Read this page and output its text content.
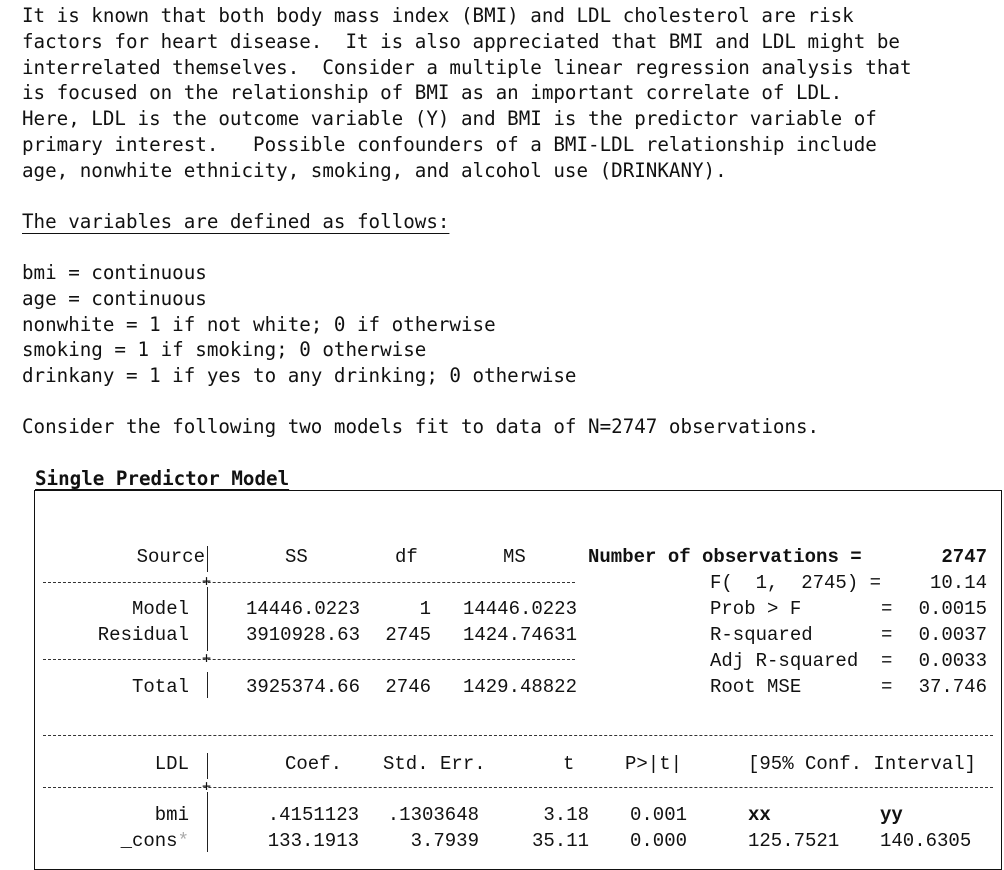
It is known that both body mass index (BMI) and LDL cholesterol are risk
factors for heart disease.  It is also appreciated that BMI and LDL might be
interrelated themselves.  Consider a multiple linear regression analysis that
is focused on the relationship of BMI as an important correlate of LDL.
Here, LDL is the outcome variable (Y) and BMI is the predictor variable of
primary interest.   Possible confounders of a BMI-LDL relationship include
age, nonwhite ethnicity, smoking, and alcohol use (DRINKANY).
The variables are defined as follows:
bmi = continuous
age = continuous
nonwhite = 1 if not white; 0 if otherwise
smoking = 1 if smoking; 0 otherwise
drinkany = 1 if yes to any drinking; 0 otherwise
Consider the following two models fit to data of N=2747 observations.
Single Predictor Model
Source	SS	df	MS	Number of observations =	2747
F(  1,  2745) =	10.14
Prob > F       =	0.0015
R-squared      =	0.0037
Adj R-squared  =	0.0033
Root MSE       =	37.746
+
Model	14446.0223	1	14446.0223
Residual	3910928.63	2745	1424.74631
+
Total	3925374.66	2746	1429.48822
LDL	Coef. Std. Err.	t	P>|t|	[95% Conf. Interval]
+
bmi	.4151123	.1303648	3.18	0.001	xx	yy
_cons*	133.1913	3.7939	35.11	0.000	125.7521 140.6305
